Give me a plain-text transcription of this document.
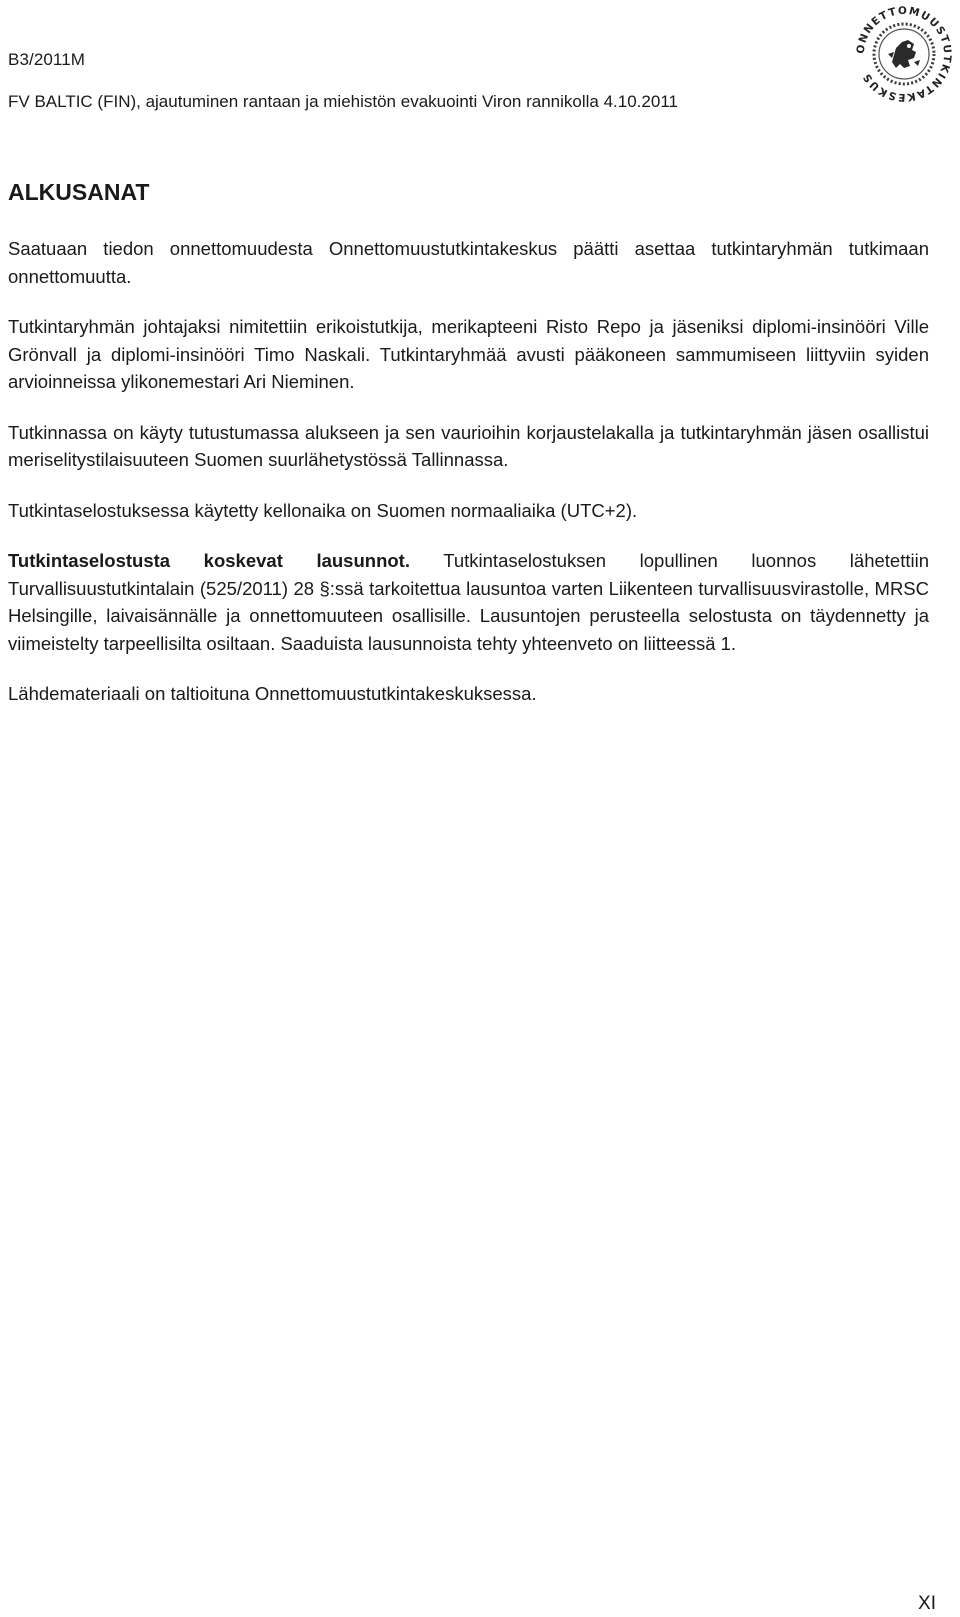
B3/2011M
FV BALTIC (FIN), ajautuminen rantaan ja miehistön evakuointi Viron rannikolla 4.10.2011
ONNETTOMUUSTUTKINTAKESKUS
ALKUSANAT

Saatuaan tiedon onnettomuudesta Onnettomuustutkintakeskus päätti asettaa tutkintaryhmän tutkimaan onnettomuutta.

Tutkintaryhmän johtajaksi nimitettiin erikoistutkija, merikapteeni Risto Repo ja jäseniksi diplomi-insinööri Ville Grönvall ja diplomi-insinööri Timo Naskali. Tutkintaryhmää avusti pääkoneen sammumiseen liittyviin syiden arvioinneissa ylikonemestari Ari Nieminen.

Tutkinnassa on käyty tutustumassa alukseen ja sen vaurioihin korjaustelakalla ja tutkintaryhmän jäsen osallistui meriselitystilaisuuteen Suomen suurlähetystössä Tallinnassa.

Tutkintaselostuksessa käytetty kellonaika on Suomen normaaliaika (UTC+2).

Tutkintaselostusta koskevat lausunnot. Tutkintaselostuksen lopullinen luonnos lähetettiin Turvallisuustutkintalain (525/2011) 28 §:ssä tarkoitettua lausuntoa varten Liikenteen turvallisuusvirastolle, MRSC Helsingille, laivaisännälle ja onnettomuuteen osallisille. Lausuntojen perusteella selostusta on täydennetty ja viimeistelty tarpeellisilta osiltaan. Saaduista lausunnoista tehty yhteenveto on liitteessä 1.

Lähdemateriaali on taltioituna Onnettomuustutkintakeskuksessa.

XI
